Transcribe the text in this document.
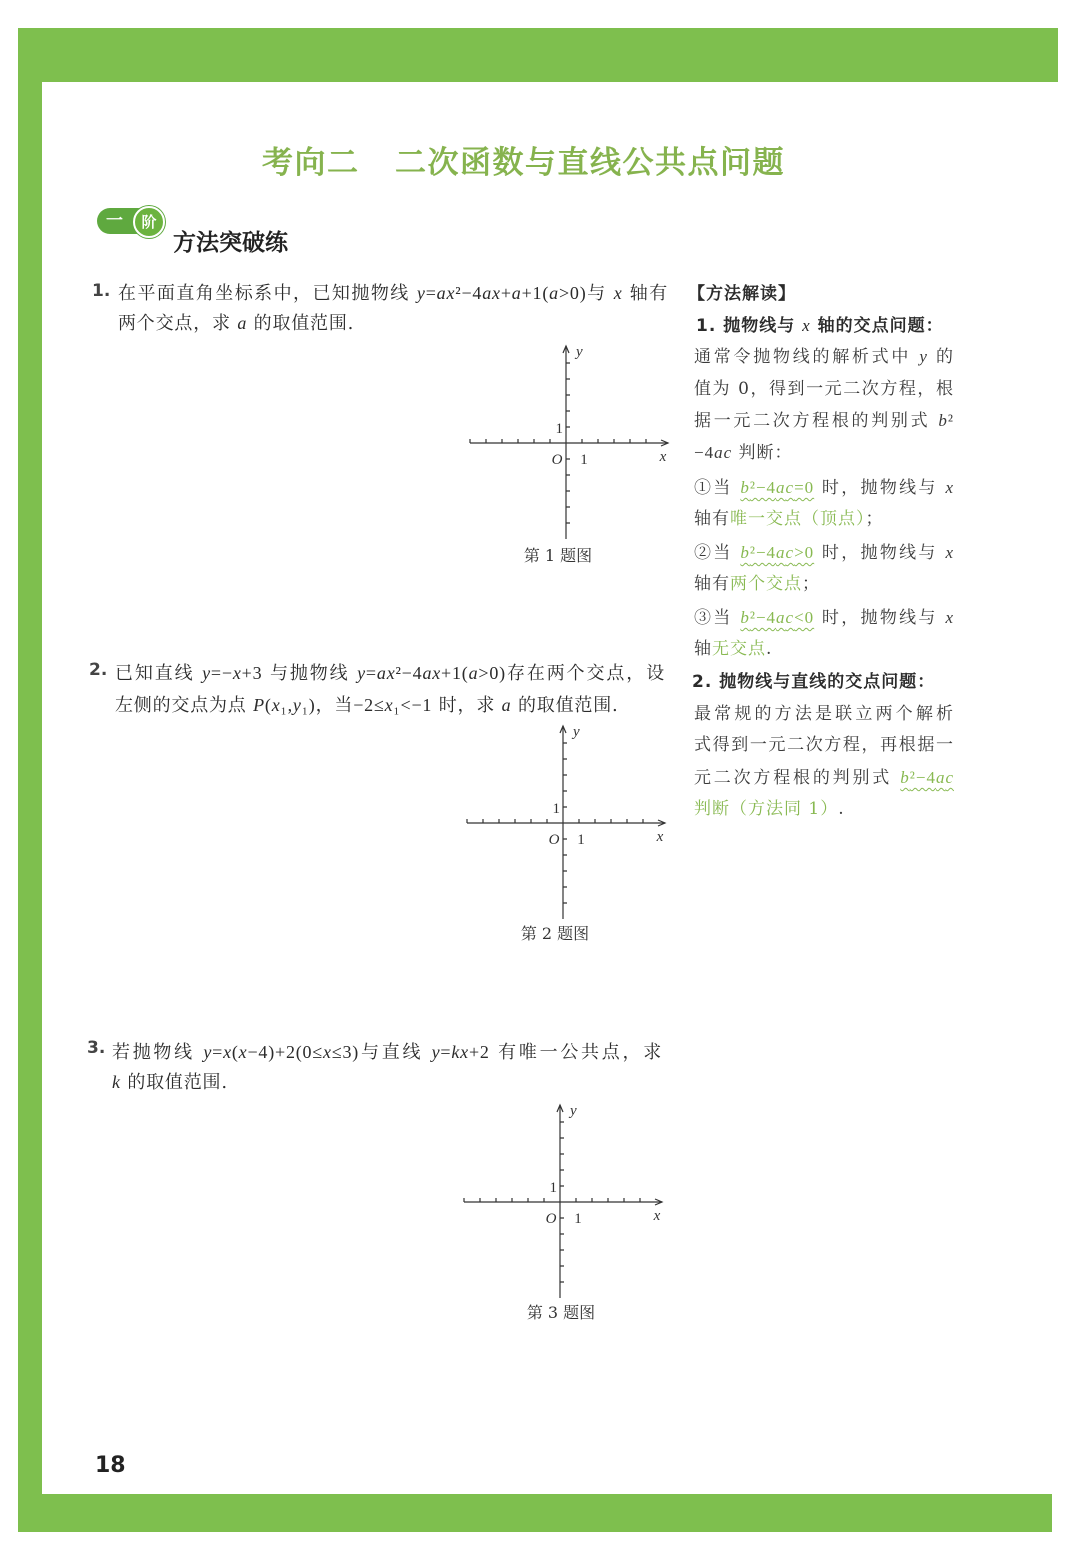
考向二 二次函数与直线公共点问题
一	阶
方法突破练
1. 在平面直角坐标系中，已知抛物线 y=ax²−4ax+a+1(a>0)与 x 轴有
两个交点，求 a 的取值范围.
y
1
O 1	x
第 1 题图
2. 已知直线 y=−x+3 与抛物线 y=ax²−4ax+1(a>0)存在两个交点，设
左侧的交点为点 P(x₁,y₁)，当−2≤x₁<−1 时，求 a 的取值范围.
y
1
O 1	x
第 2 题图
3. 若抛物线 y=x(x−4)+2(0≤x≤3)与直线 y=kx+2 有唯一公共点，求
k 的取值范围.
y
1
O 1	x
第 3 题图
【方法解读】
1. 抛物线与 x 轴的交点问题：
通常令抛物线的解析式中 y 的
值为 0，得到一元二次方程，根
据一元二次方程根的判别式 b²
−4ac 判断：
①当 b²−4ac=0 时，抛物线与 x
轴有唯一交点（顶点）；
②当 b²−4ac>0 时，抛物线与 x
轴有两个交点；
③当 b²−4ac<0 时，抛物线与 x
轴无交点.
2. 抛物线与直线的交点问题：
最常规的方法是联立两个解析
式得到一元二次方程，再根据一
元二次方程根的判别式 b²−4ac
判断（方法同 1）.
18
